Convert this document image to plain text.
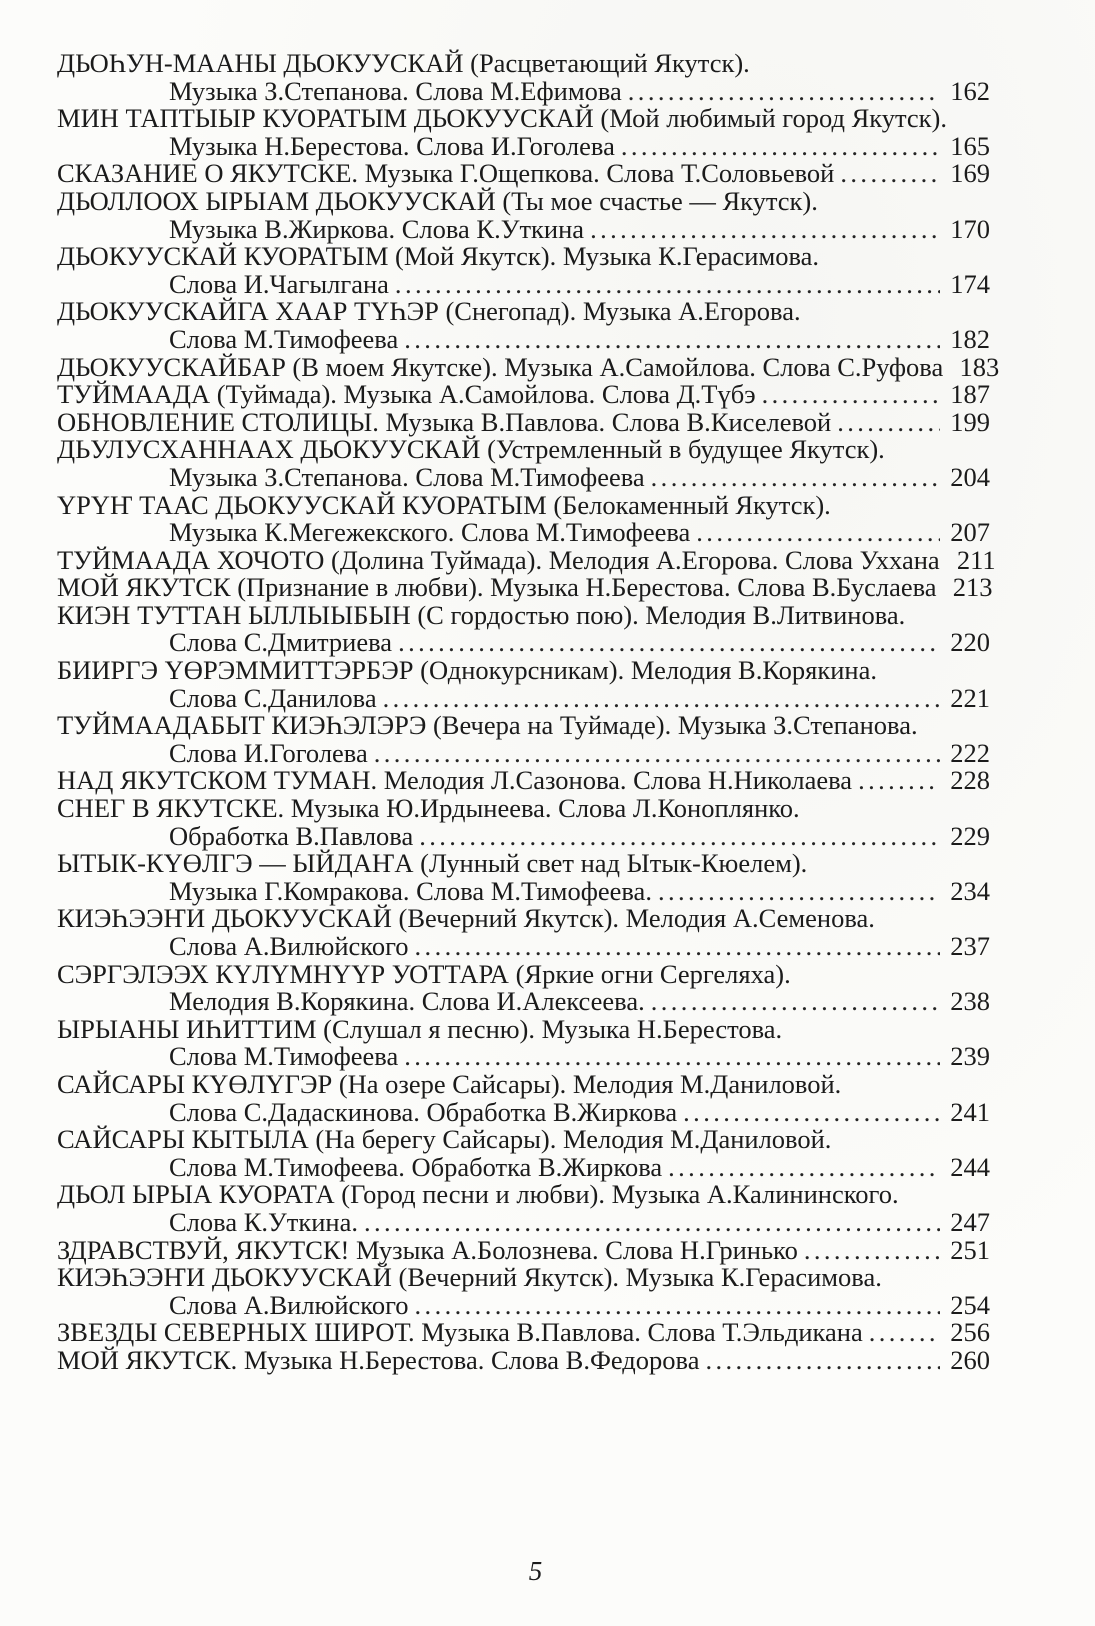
ДЬОҺУН-МААНЫ ДЬОКУУСКАЙ (Расцветающий Якутск).
Музыка З.Степанова. Слова М.Ефимова .....	162
МИН ТАПТЫЫР КУОРАТЫМ ДЬОКУУСКАЙ (Мой любимый город Якутск).
Музыка Н.Берестова. Слова И.Гоголева .....	165
СКАЗАНИЕ О ЯКУТСКЕ. Музыка Г.Ощепкова. Слова Т.Соловьевой .....	169
ДЬОЛЛООХ ЫРЫАМ ДЬОКУУСКАЙ (Ты мое счастье — Якутск).
Музыка В.Жиркова. Слова К.Уткина .....	170
ДЬОКУУСКАЙ КУОРАТЫМ (Мой Якутск). Музыка К.Герасимова.
Слова И.Чагылгана .....	174
ДЬОКУУСКАЙГА ХААР ТҮҺЭР (Снегопад). Музыка А.Егорова.
Слова М.Тимофеева .....	182
ДЬОКУУСКАЙБАР (В моем Якутске). Музыка А.Самойлова. Слова С.Руфова 183
ТУЙМААДА (Туймада). Музыка А.Самойлова. Слова Д.Түбэ .....	187
ОБНОВЛЕНИЕ СТОЛИЦЫ. Музыка В.Павлова. Слова В.Киселевой .....	199
ДЬУЛУСХАННААХ ДЬОКУУСКАЙ (Устремленный в будущее Якутск).
Музыка З.Степанова. Слова М.Тимофеева .....	204
ҮРҮҤ ТААС ДЬОКУУСКАЙ КУОРАТЫМ (Белокаменный Якутск).
Музыка К.Мегежекского. Слова М.Тимофеева .....	207
ТУЙМААДА ХОЧОТО (Долина Туймада). Мелодия А.Егорова. Слова Уххана 211
МОЙ ЯКУТСК (Признание в любви). Музыка Н.Берестова. Слова В.Буслаева 213
КИЭН ТУТТАН ЫЛЛЫЫБЫН (С гордостью пою). Мелодия В.Литвинова.
Слова С.Дмитриева .....	220
БИИРГЭ ҮӨРЭММИТТЭРБЭР (Однокурсникам). Мелодия В.Корякина.
Слова С.Данилова .....	221
ТУЙМААДАБЫТ КИЭҺЭЛЭРЭ (Вечера на Туймаде). Музыка З.Степанова.
Слова И.Гоголева .....	222
НАД ЯКУТСКОМ ТУМАН. Мелодия Л.Сазонова. Слова Н.Николаева .....	228
СНЕГ В ЯКУТСКЕ. Музыка Ю.Ирдынеева. Слова Л.Коноплянко.
Обработка В.Павлова .....	229
ЫТЫК-КҮӨЛГЭ — ЫЙДАҤА (Лунный свет над Ытык-Кюелем).
Музыка Г.Комракова. Слова М.Тимофеева. .....	234
КИЭҺЭЭҤИ ДЬОКУУСКАЙ (Вечерний Якутск). Мелодия А.Семенова.
Слова А.Вилюйского .....	237
СЭРГЭЛЭЭХ КҮЛҮМНҮҮР УОТТАРА (Яркие огни Сергеляха).
Мелодия В.Корякина. Слова И.Алексеева. .....	238
ЫРЫАНЫ ИҺИТТИМ (Слушал я песню). Музыка Н.Берестова.
Слова М.Тимофеева .....	239
САЙСАРЫ КҮӨЛҮГЭР (На озере Сайсары). Мелодия М.Даниловой.
Слова С.Дадаскинова. Обработка В.Жиркова .....	241
САЙСАРЫ КЫТЫЛА (На берегу Сайсары). Мелодия М.Даниловой.
Слова М.Тимофеева. Обработка В.Жиркова .....	244
ДЬОЛ ЫРЫА КУОРАТА (Город песни и любви). Музыка А.Калининского.
Слова К.Уткина. .....	247
ЗДРАВСТВУЙ, ЯКУТСК! Музыка А.Болознева. Слова Н.Гринько .....	251
КИЭҺЭЭҤИ ДЬОКУУСКАЙ (Вечерний Якутск). Музыка К.Герасимова.
Слова А.Вилюйского .....	254
ЗВЕЗДЫ СЕВЕРНЫХ ШИРОТ. Музыка В.Павлова. Слова Т.Эльдикана .....	256
МОЙ ЯКУТСК. Музыка Н.Берестова. Слова В.Федорова .....	260
5
